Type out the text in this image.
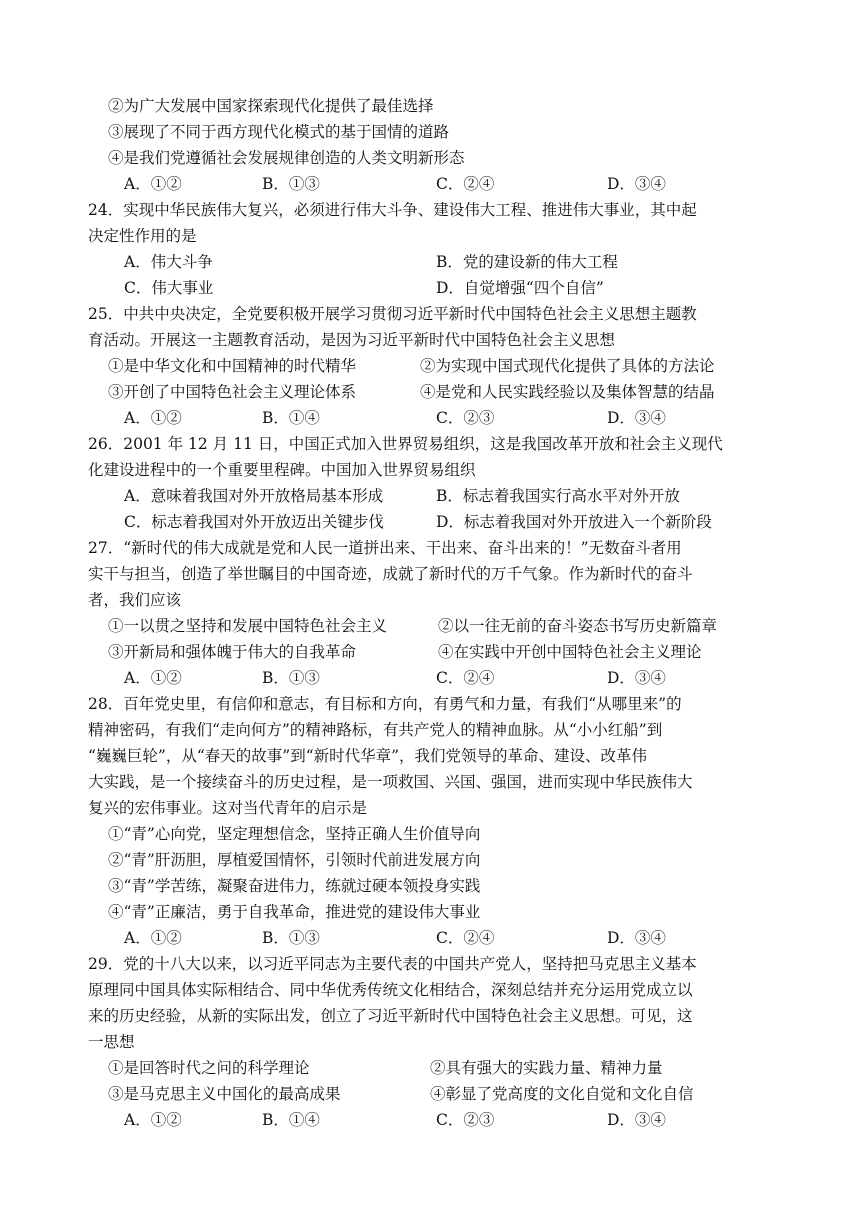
②为广大发展中国家探索现代化提供了最佳选择
③展现了不同于西方现代化模式的基于国情的道路
④是我们党遵循社会发展规律创造的人类文明新形态
A．①②	B．①③	C．②④	D．③④
24．实现中华民族伟大复兴，必须进行伟大斗争、建设伟大工程、推进伟大事业，其中起
决定性作用的是
A．伟大斗争	B．党的建设新的伟大工程
C．伟大事业	D．自觉增强“四个自信”
25．中共中央决定，全党要积极开展学习贯彻习近平新时代中国特色社会主义思想主题教
育活动。开展这一主题教育活动，是因为习近平新时代中国特色社会主义思想
①是中华文化和中国精神的时代精华	②为实现中国式现代化提供了具体的方法论
③开创了中国特色社会主义理论体系	④是党和人民实践经验以及集体智慧的结晶
A．①②	B．①④	C．②③	D．③④
26．2001 年 12 月 11 日，中国正式加入世界贸易组织，这是我国改革开放和社会主义现代
化建设进程中的一个重要里程碑。中国加入世界贸易组织
A．意味着我国对外开放格局基本形成	B．标志着我国实行高水平对外开放
C．标志着我国对外开放迈出关键步伐	D．标志着我国对外开放进入一个新阶段
27．“新时代的伟大成就是党和人民一道拼出来、干出来、奋斗出来的！”无数奋斗者用
实干与担当，创造了举世瞩目的中国奇迹，成就了新时代的万千气象。作为新时代的奋斗
者，我们应该
①一以贯之坚持和发展中国特色社会主义	②以一往无前的奋斗姿态书写历史新篇章
③开新局和强体魄于伟大的自我革命	④在实践中开创中国特色社会主义理论
A．①②	B．①③	C．②④	D．③④
28．百年党史里，有信仰和意志，有目标和方向，有勇气和力量，有我们“从哪里来”的
精神密码，有我们“走向何方”的精神路标，有共产党人的精神血脉。从“小小红船”到
“巍巍巨轮”，从“春天的故事”到“新时代华章”，我们党领导的革命、建设、改革伟
大实践，是一个接续奋斗的历史过程，是一项救国、兴国、强国，进而实现中华民族伟大
复兴的宏伟事业。这对当代青年的启示是
①“青”心向党，坚定理想信念，坚持正确人生价值导向
②“青”肝沥胆，厚植爱国情怀，引领时代前进发展方向
③“青”学苦练，凝聚奋进伟力，练就过硬本领投身实践
④“青”正廉洁，勇于自我革命，推进党的建设伟大事业
A．①②	B．①③	C．②④	D．③④
29．党的十八大以来，以习近平同志为主要代表的中国共产党人，坚持把马克思主义基本
原理同中国具体实际相结合、同中华优秀传统文化相结合，深刻总结并充分运用党成立以
来的历史经验，从新的实际出发，创立了习近平新时代中国特色社会主义思想。可见，这
一思想
①是回答时代之问的科学理论	②具有强大的实践力量、精神力量
③是马克思主义中国化的最高成果	④彰显了党高度的文化自觉和文化自信
A．①②	B．①④	C．②③	D．③④
